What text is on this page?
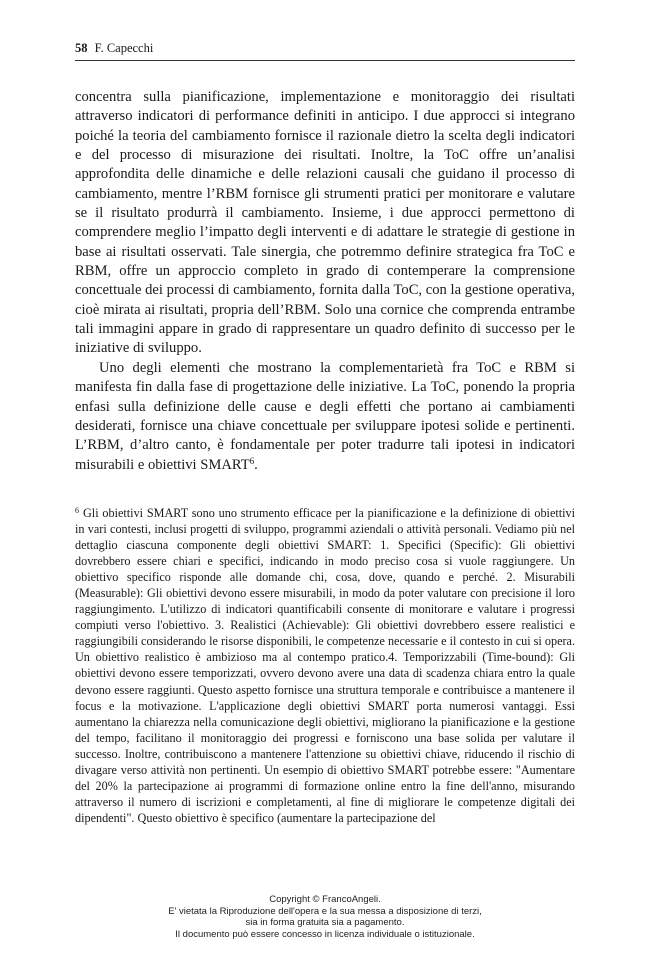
58 F. Capecchi

concentra sulla pianificazione, implementazione e monitoraggio dei risultati attraverso indicatori di performance definiti in anticipo. I due approcci si integrano poiché la teoria del cambiamento fornisce il razionale dietro la scelta degli indicatori e del processo di misurazione dei risultati. Inoltre, la ToC offre un’analisi approfondita delle dinamiche e delle relazioni causali che guidano il processo di cambiamento, mentre l’RBM fornisce gli strumenti pratici per monitorare e valutare se il risultato produrrà il cambiamento. Insieme, i due approcci permettono di comprendere meglio l’impatto degli interventi e di adattare le strategie di gestione in base ai risultati osservati. Tale sinergia, che potremmo definire strategica fra ToC e RBM, offre un approccio completo in grado di contemperare la comprensione concettuale dei processi di cambiamento, fornita dalla ToC, con la gestione operativa, cioè mirata ai risultati, propria dell’RBM. Solo una cornice che comprenda entrambe tali immagini appare in grado di rappresentare un quadro definito di successo per le iniziative di sviluppo.

Uno degli elementi che mostrano la complementarietà fra ToC e RBM si manifesta fin dalla fase di progettazione delle iniziative. La ToC, ponendo la propria enfasi sulla definizione delle cause e degli effetti che portano ai cambiamenti desiderati, fornisce una chiave concettuale per sviluppare ipotesi solide e pertinenti. L’RBM, d’altro canto, è fondamentale per poter tradurre tali ipotesi in indicatori misurabili e obiettivi SMART$^6$.

$^6$ Gli obiettivi SMART sono uno strumento efficace per la pianificazione e la definizione di obiettivi in vari contesti, inclusi progetti di sviluppo, programmi aziendali o attività personali. Vediamo più nel dettaglio ciascuna componente degli obiettivi SMART: 1. Specifici (Specific): Gli obiettivi dovrebbero essere chiari e specifici, indicando in modo preciso cosa si vuole raggiungere. Un obiettivo specifico risponde alle domande chi, cosa, dove, quando e perché. 2. Misurabili (Measurable): Gli obiettivi devono essere misurabili, in modo da poter valutare con precisione il loro raggiungimento. L'utilizzo di indicatori quantificabili consente di monitorare e valutare i progressi compiuti verso l'obiettivo. 3. Realistici (Achievable): Gli obiettivi dovrebbero essere realistici e raggiungibili considerando le risorse disponibili, le competenze necessarie e il contesto in cui si opera. Un obiettivo realistico è ambizioso ma al contempo pratico.4. Temporizzabili (Time-bound): Gli obiettivi devono essere temporizzati, ovvero devono avere una data di scadenza chiara entro la quale devono essere raggiunti. Questo aspetto fornisce una struttura temporale e contribuisce a mantenere il focus e la motivazione. L'applicazione degli obiettivi SMART porta numerosi vantaggi. Essi aumentano la chiarezza nella comunicazione degli obiettivi, migliorano la pianificazione e la gestione del tempo, facilitano il monitoraggio dei progressi e forniscono una base solida per valutare il successo. Inoltre, contribuiscono a mantenere l'attenzione su obiettivi chiave, riducendo il rischio di divagare verso attività non pertinenti. Un esempio di obiettivo SMART potrebbe essere: "Aumentare del 20% la partecipazione ai programmi di formazione online entro la fine dell'anno, misurando attraverso il numero di iscrizioni e completamenti, al fine di migliorare le competenze digitali dei dipendenti". Questo obiettivo è specifico (aumentare la partecipazione del
Copyright © FrancoAngeli.
E' vietata la Riproduzione dell'opera e la sua messa a disposizione di terzi,
sia in forma gratuita sia a pagamento.
Il documento può essere concesso in licenza individuale o istituzionale.
